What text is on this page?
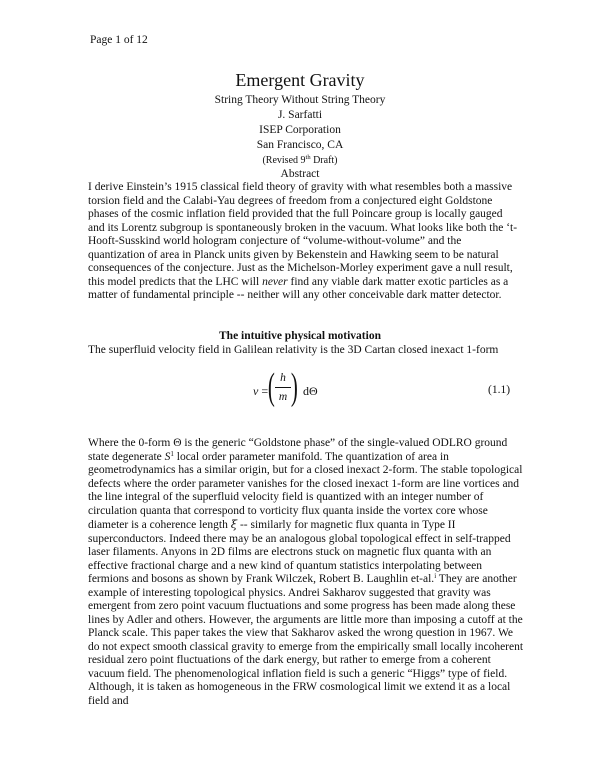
Page 1 of 12
Emergent Gravity
String Theory Without String Theory
J. Sarfatti
ISEP Corporation
San Francisco, CA
(Revised 9th Draft)
Abstract

I derive Einstein’s 1915 classical field theory of gravity with what resembles both a massive torsion field and the Calabi-Yau degrees of freedom from a conjectured eight Goldstone phases of the cosmic inflation field provided that the full Poincare group is locally gauged and its Lorentz subgroup is spontaneously broken in the vacuum. What looks like both the ‘t-Hooft-Susskind world hologram conjecture of “volume-without-volume” and the quantization of area in Planck units given by Bekenstein and Hawking seem to be natural consequences of the conjecture. Just as the Michelson-Morley experiment gave a null result, this model predicts that the LHC will never find any viable dark matter exotic particles as a matter of fundamental principle -- neither will any other conceivable dark matter detector.

The intuitive physical motivation
The superfluid velocity field in Galilean relativity is the 3D Cartan closed inexact 1-form
v = ( h
m ) dΘ	(1.1)

Where the 0-form Θ is the generic “Goldstone phase” of the single-valued ODLRO ground state degenerate $S^1$ local order parameter manifold. The quantization of area in geometrodynamics has a similar origin, but for a closed inexact 2-form. The stable topological defects where the order parameter vanishes for the closed inexact 1-form are line vortices and the line integral of the superfluid velocity field is quantized with an integer number of circulation quanta that correspond to vorticity flux quanta inside the vortex core whose diameter is a coherence length ξ -- similarly for magnetic flux quanta in Type II superconductors. Indeed there may be an analogous global topological effect in self-trapped laser filaments. Anyons in 2D films are electrons stuck on magnetic flux quanta with an effective fractional charge and a new kind of quantum statistics interpolating between fermions and bosons as shown by Frank Wilczek, Robert B. Laughlin et-al.$^i$ They are another example of interesting topological physics. Andrei Sakharov suggested that gravity was emergent from zero point vacuum fluctuations and some progress has been made along these lines by Adler and others. However, the arguments are little more than imposing a cutoff at the Planck scale. This paper takes the view that Sakharov asked the wrong question in 1967. We do not expect smooth classical gravity to emerge from the empirically small locally incoherent residual zero point fluctuations of the dark energy, but rather to emerge from a coherent vacuum field. The phenomenological inflation field is such a generic “Higgs” type of field. Although, it is taken as homogeneous in the FRW cosmological limit we extend it as a local field and
